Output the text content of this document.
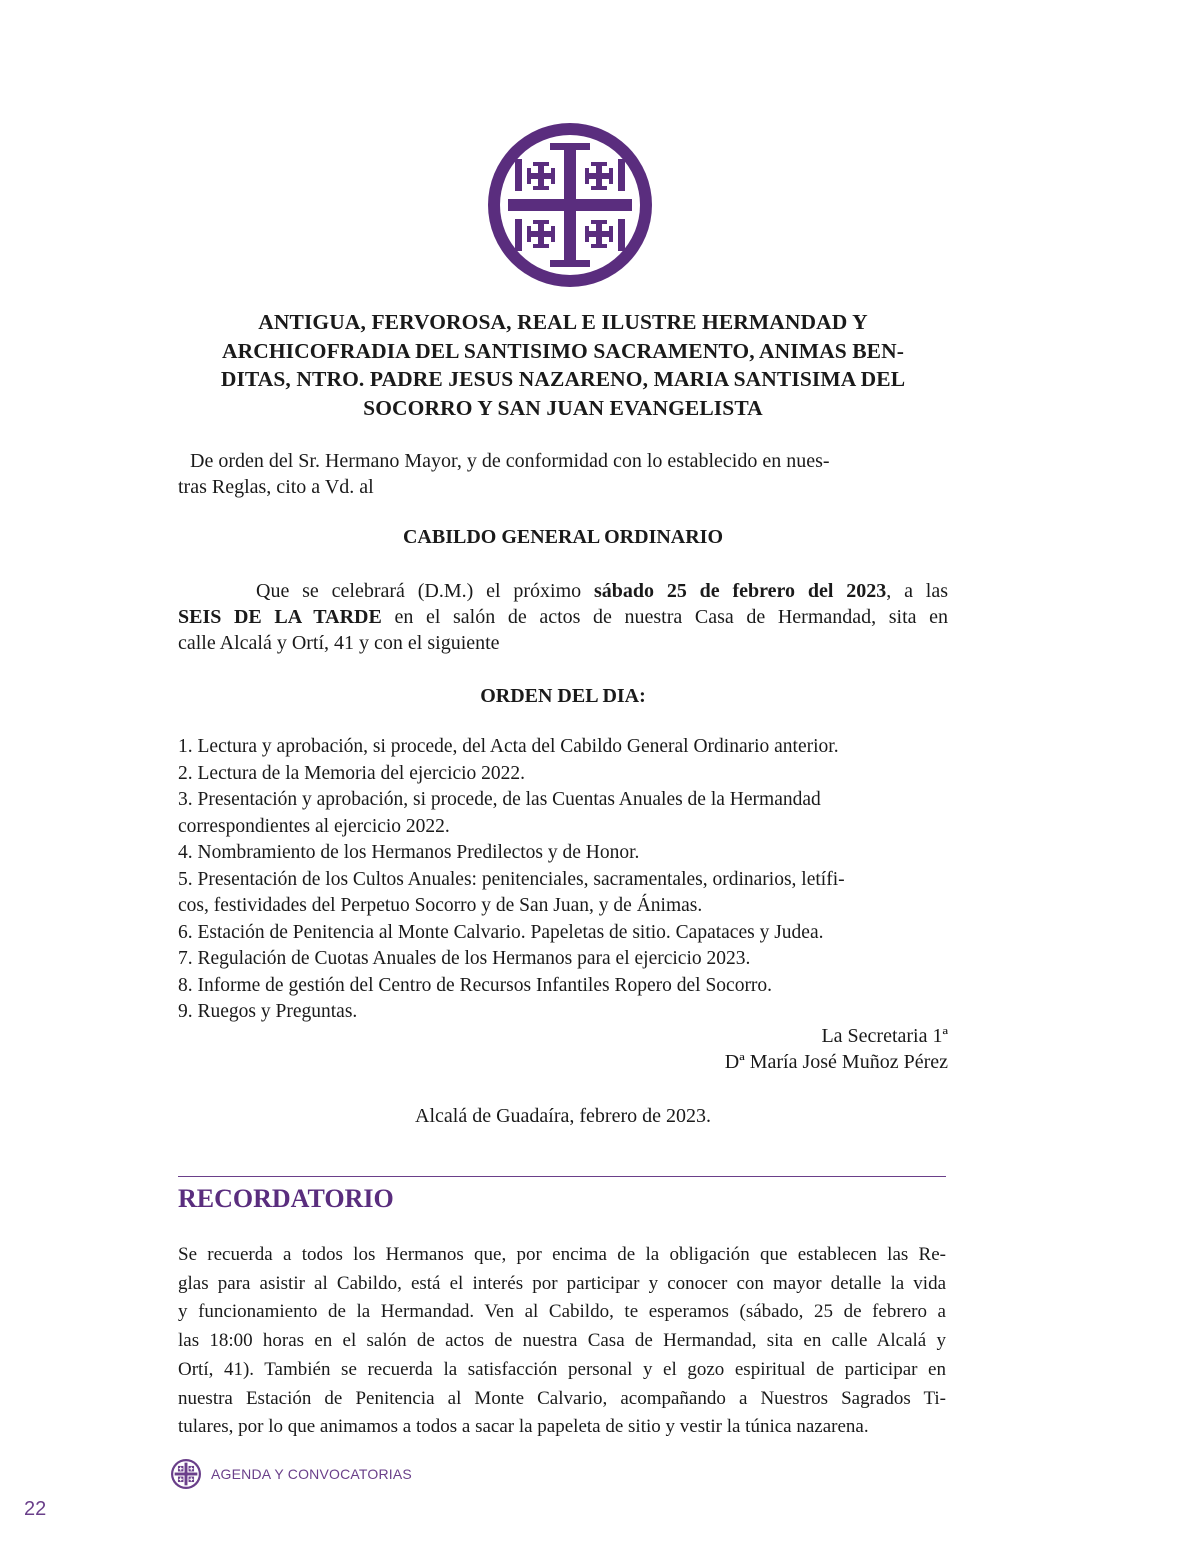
ANTIGUA, FERVOROSA, REAL E ILUSTRE HERMANDAD Y
ARCHICOFRADIA DEL SANTISIMO SACRAMENTO, ANIMAS BEN-
DITAS, NTRO. PADRE JESUS NAZARENO, MARIA SANTISIMA DEL
SOCORRO Y SAN JUAN EVANGELISTA
De orden del Sr. Hermano Mayor, y de conformidad con lo establecido en nues-
tras Reglas, cito a Vd. al
CABILDO GENERAL ORDINARIO
Que se celebrará (D.M.) el próximo sábado 25 de febrero del 2023, a las
SEIS DE LA TARDE en el salón de actos de nuestra Casa de Hermandad, sita en
calle Alcalá y Ortí, 41 y con el siguiente
ORDEN DEL DIA:
1. Lectura y aprobación, si procede, del Acta del Cabildo General Ordinario anterior.
2. Lectura de la Memoria del ejercicio 2022.
3. Presentación y aprobación, si procede, de las Cuentas Anuales de la Hermandad
correspondientes al ejercicio 2022.
4. Nombramiento de los Hermanos Predilectos y de Honor.
5. Presentación de los Cultos Anuales: penitenciales, sacramentales, ordinarios, letífi-
cos, festividades del Perpetuo Socorro y de San Juan, y de Ánimas.
6. Estación de Penitencia al Monte Calvario. Papeletas de sitio. Capataces y Judea.
7. Regulación de Cuotas Anuales de los Hermanos para el ejercicio 2023.
8. Informe de gestión del Centro de Recursos Infantiles Ropero del Socorro.
9. Ruegos y Preguntas.
La Secretaria 1ª
Dª María José Muñoz Pérez
Alcalá de Guadaíra, febrero de 2023.
RECORDATORIO
Se recuerda a todos los Hermanos que, por encima de la obligación que establecen las Re-
glas para asistir al Cabildo, está el interés por participar y conocer con mayor detalle la vida
y funcionamiento de la Hermandad. Ven al Cabildo, te esperamos (sábado, 25 de febrero a
las 18:00 horas en el salón de actos de nuestra Casa de Hermandad, sita en calle Alcalá y
Ortí, 41). También se recuerda la satisfacción personal y el gozo espiritual de participar en
nuestra Estación de Penitencia al Monte Calvario, acompañando a Nuestros Sagrados Ti-
tulares, por lo que animamos a todos a sacar la papeleta de sitio y vestir la túnica nazarena.
AGENDA Y CONVOCATORIAS
22
